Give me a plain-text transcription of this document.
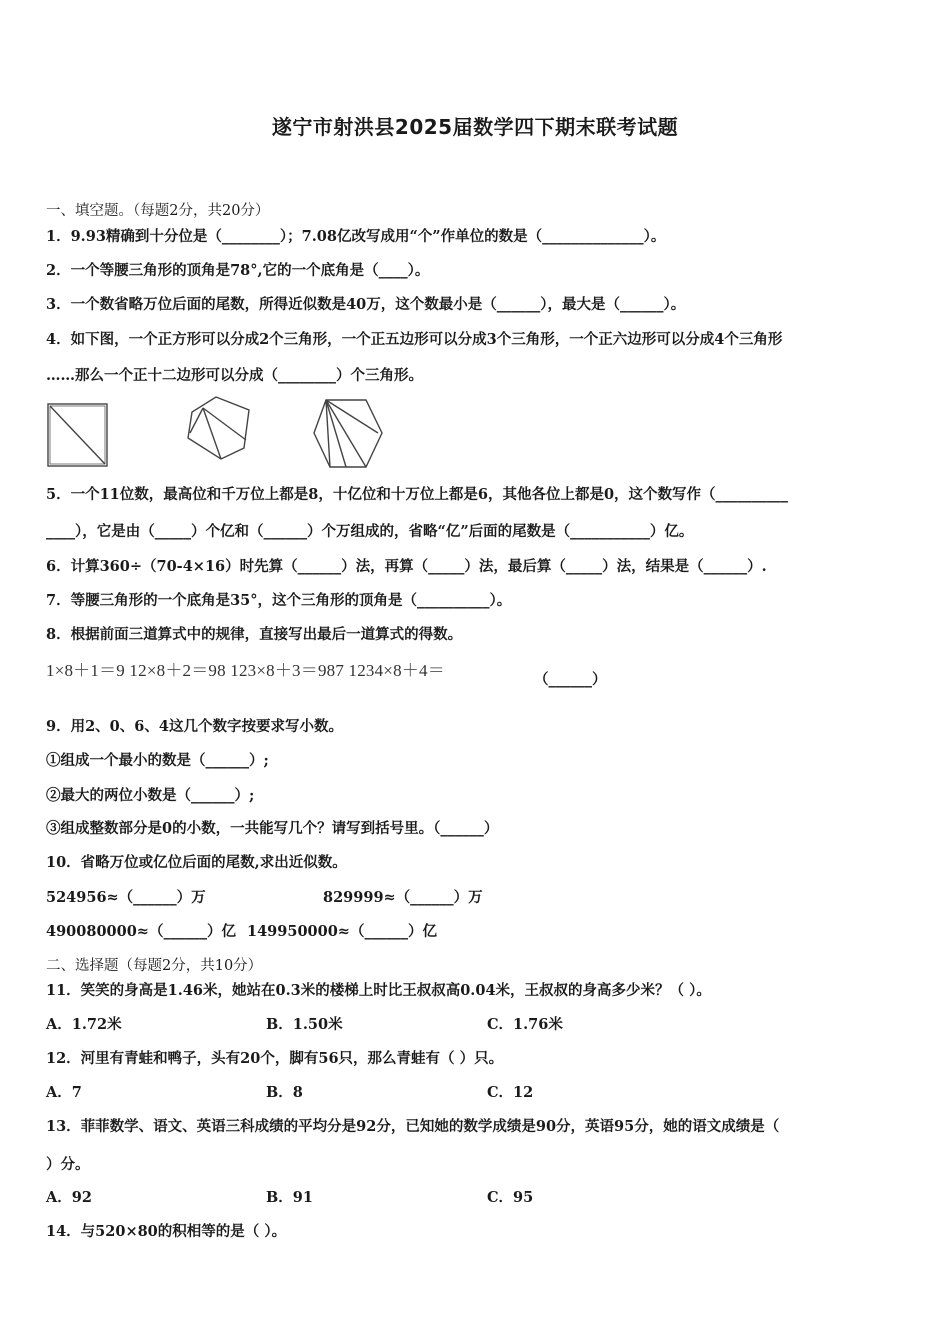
遂宁市射洪县2025届数学四下期末联考试题
一、填空题。（每题2分，共20分）
1．9.93精确到十分位是（________）；7.08亿改写成用“个”作单位的数是（______________）。
2．一个等腰三角形的顶角是78°,它的一个底角是（____）。
3．一个数省略万位后面的尾数，所得近似数是40万，这个数最小是（______），最大是（______）。
4．如下图，一个正方形可以分成2个三角形，一个正五边形可以分成3个三角形，一个正六边形可以分成4个三角形
……那么一个正十二边形可以分成（________）个三角形。
5．一个11位数，最高位和千万位上都是8，十亿位和十万位上都是6，其他各位上都是0，这个数写作（__________
____），它是由（_____）个亿和（______）个万组成的，省略“亿”后面的尾数是（___________）亿。
6．计算360÷（70-4×16）时先算（______）法，再算（_____）法，最后算（_____）法，结果是（______）.
7．等腰三角形的一个底角是35°，这个三角形的顶角是（__________）。
8．根据前面三道算式中的规律，直接写出最后一道算式的得数。
1×8＋1＝9 12×8＋2＝98 123×8＋3＝987 1234×8＋4＝	（______）
9．用2、0、6、4这几个数字按要求写小数。
①组成一个最小的数是（______）;
②最大的两位小数是（______）;
③组成整数部分是0的小数，一共能写几个？请写到括号里。（______）
10．省略万位或亿位后面的尾数,求出近似数。
524956≈（______）万	829999≈（______）万
490080000≈（______）亿 149950000≈（______）亿
二、选择题（每题2分，共10分）
11．笑笑的身高是1.46米，她站在0.3米的楼梯上时比王叔叔高0.04米，王叔叔的身高多少米？（ ）。
A．1.72米	B．1.50米	C．1.76米
12．河里有青蛙和鸭子，头有20个，脚有56只，那么青蛙有（ ）只。
A．7	B．8	C．12
13．菲菲数学、语文、英语三科成绩的平均分是92分，已知她的数学成绩是90分，英语95分，她的语文成绩是（
）分。
A．92	B．91	C．95
14．与520×80的积相等的是（ ）。
